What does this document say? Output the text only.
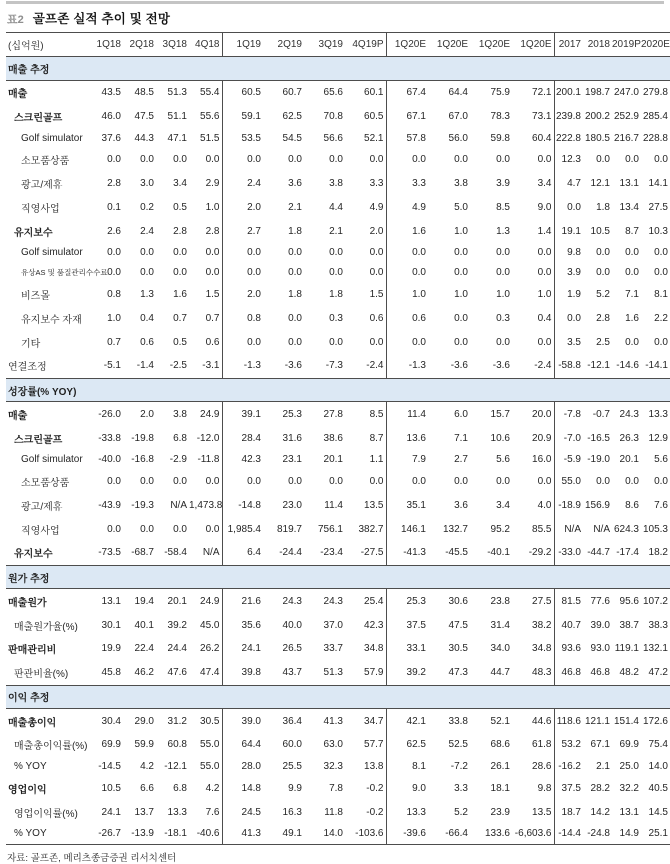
표2 골프존 실적 추이 및 전망
(십억원)	1Q18	2Q18	3Q18	4Q18	1Q19	2Q19	3Q19	4Q19P	1Q20E	1Q20E	1Q20E	1Q20E	2017	2018	2019P	2020E
매출 추정																
매출	43.5	48.5	51.3	55.4	60.5	60.7	65.6	60.1	67.4	64.4	75.9	72.1	200.1	198.7	247.0	279.8
스크린골프	46.0	47.5	51.1	55.6	59.1	62.5	70.8	60.5	67.1	67.0	78.3	73.1	239.8	200.2	252.9	285.4
Golf simulator	37.6	44.3	47.1	51.5	53.5	54.5	56.6	52.1	57.8	56.0	59.8	60.4	222.8	180.5	216.7	228.8
소모품상품	0.0	0.0	0.0	0.0	0.0	0.0	0.0	0.0	0.0	0.0	0.0	0.0	12.3	0.0	0.0	0.0
광고/제휴	2.8	3.0	3.4	2.9	2.4	3.6	3.8	3.3	3.3	3.8	3.9	3.4	4.7	12.1	13.1	14.1
직영사업	0.1	0.2	0.5	1.0	2.0	2.1	4.4	4.9	4.9	5.0	8.5	9.0	0.0	1.8	13.4	27.5
유지보수	2.6	2.4	2.8	2.8	2.7	1.8	2.1	2.0	1.6	1.0	1.3	1.4	19.1	10.5	8.7	10.3
Golf simulator	0.0	0.0	0.0	0.0	0.0	0.0	0.0	0.0	0.0	0.0	0.0	0.0	9.8	0.0	0.0	0.0
유상AS 및 품질관리수수료	0.0	0.0	0.0	0.0	0.0	0.0	0.0	0.0	0.0	0.0	0.0	0.0	3.9	0.0	0.0	0.0
비즈몰	0.8	1.3	1.6	1.5	2.0	1.8	1.8	1.5	1.0	1.0	1.0	1.0	1.9	5.2	7.1	8.1
유지보수 자재	1.0	0.4	0.7	0.7	0.8	0.0	0.3	0.6	0.6	0.0	0.3	0.4	0.0	2.8	1.6	2.2
기타	0.7	0.6	0.5	0.6	0.0	0.0	0.0	0.0	0.0	0.0	0.0	0.0	3.5	2.5	0.0	0.0
연결조정	-5.1	-1.4	-2.5	-3.1	-1.3	-3.6	-7.3	-2.4	-1.3	-3.6	-3.6	-2.4	-58.8	-12.1	-14.6	-14.1
성장률(% YOY)																
매출	-26.0	2.0	3.8	24.9	39.1	25.3	27.8	8.5	11.4	6.0	15.7	20.0	-7.8	-0.7	24.3	13.3
스크린골프	-33.8	-19.8	6.8	-12.0	28.4	31.6	38.6	8.7	13.6	7.1	10.6	20.9	-7.0	-16.5	26.3	12.9
Golf simulator	-40.0	-16.8	-2.9	-11.8	42.3	23.1	20.1	1.1	7.9	2.7	5.6	16.0	-5.9	-19.0	20.1	5.6
소모품상품	0.0	0.0	0.0	0.0	0.0	0.0	0.0	0.0	0.0	0.0	0.0	0.0	55.0	0.0	0.0	0.0
광고/제휴	-43.9	-19.3	N/A	1,473.8	-14.8	23.0	11.4	13.5	35.1	3.6	3.4	4.0	-18.9	156.9	8.6	7.6
직영사업	0.0	0.0	0.0	0.0	1,985.4	819.7	756.1	382.7	146.1	132.7	95.2	85.5	N/A	N/A	624.3	105.3
유지보수	-73.5	-68.7	-58.4	N/A	6.4	-24.4	-23.4	-27.5	-41.3	-45.5	-40.1	-29.2	-33.0	-44.7	-17.4	18.2
원가 추정																
매출원가	13.1	19.4	20.1	24.9	21.6	24.3	24.3	25.4	25.3	30.6	23.8	27.5	81.5	77.6	95.6	107.2
매출원가율(%)	30.1	40.1	39.2	45.0	35.6	40.0	37.0	42.3	37.5	47.5	31.4	38.2	40.7	39.0	38.7	38.3
판매관리비	19.9	22.4	24.4	26.2	24.1	26.5	33.7	34.8	33.1	30.5	34.0	34.8	93.6	93.0	119.1	132.1
판관비율(%)	45.8	46.2	47.6	47.4	39.8	43.7	51.3	57.9	39.2	47.3	44.7	48.3	46.8	46.8	48.2	47.2
이익 추정																
매출총이익	30.4	29.0	31.2	30.5	39.0	36.4	41.3	34.7	42.1	33.8	52.1	44.6	118.6	121.1	151.4	172.6
매출총이익률(%)	69.9	59.9	60.8	55.0	64.4	60.0	63.0	57.7	62.5	52.5	68.6	61.8	53.2	67.1	69.9	75.4
% YOY	-14.5	4.2	-12.1	55.0	28.0	25.5	32.3	13.8	8.1	-7.2	26.1	28.6	-16.2	2.1	25.0	14.0
영업이익	10.5	6.6	6.8	4.2	14.8	9.9	7.8	-0.2	9.0	3.3	18.1	9.8	37.5	28.2	32.2	40.5
영업이익률(%)	24.1	13.7	13.3	7.6	24.5	16.3	11.8	-0.2	13.3	5.2	23.9	13.5	18.7	14.2	13.1	14.5
% YOY	-26.7	-13.9	-18.1	-40.6	41.3	49.1	14.0	-103.6	-39.6	-66.4	133.6	-6,603.6	-14.4	-24.8	14.9	25.1
자료: 골프존, 메리츠종금증권 리서치센터
